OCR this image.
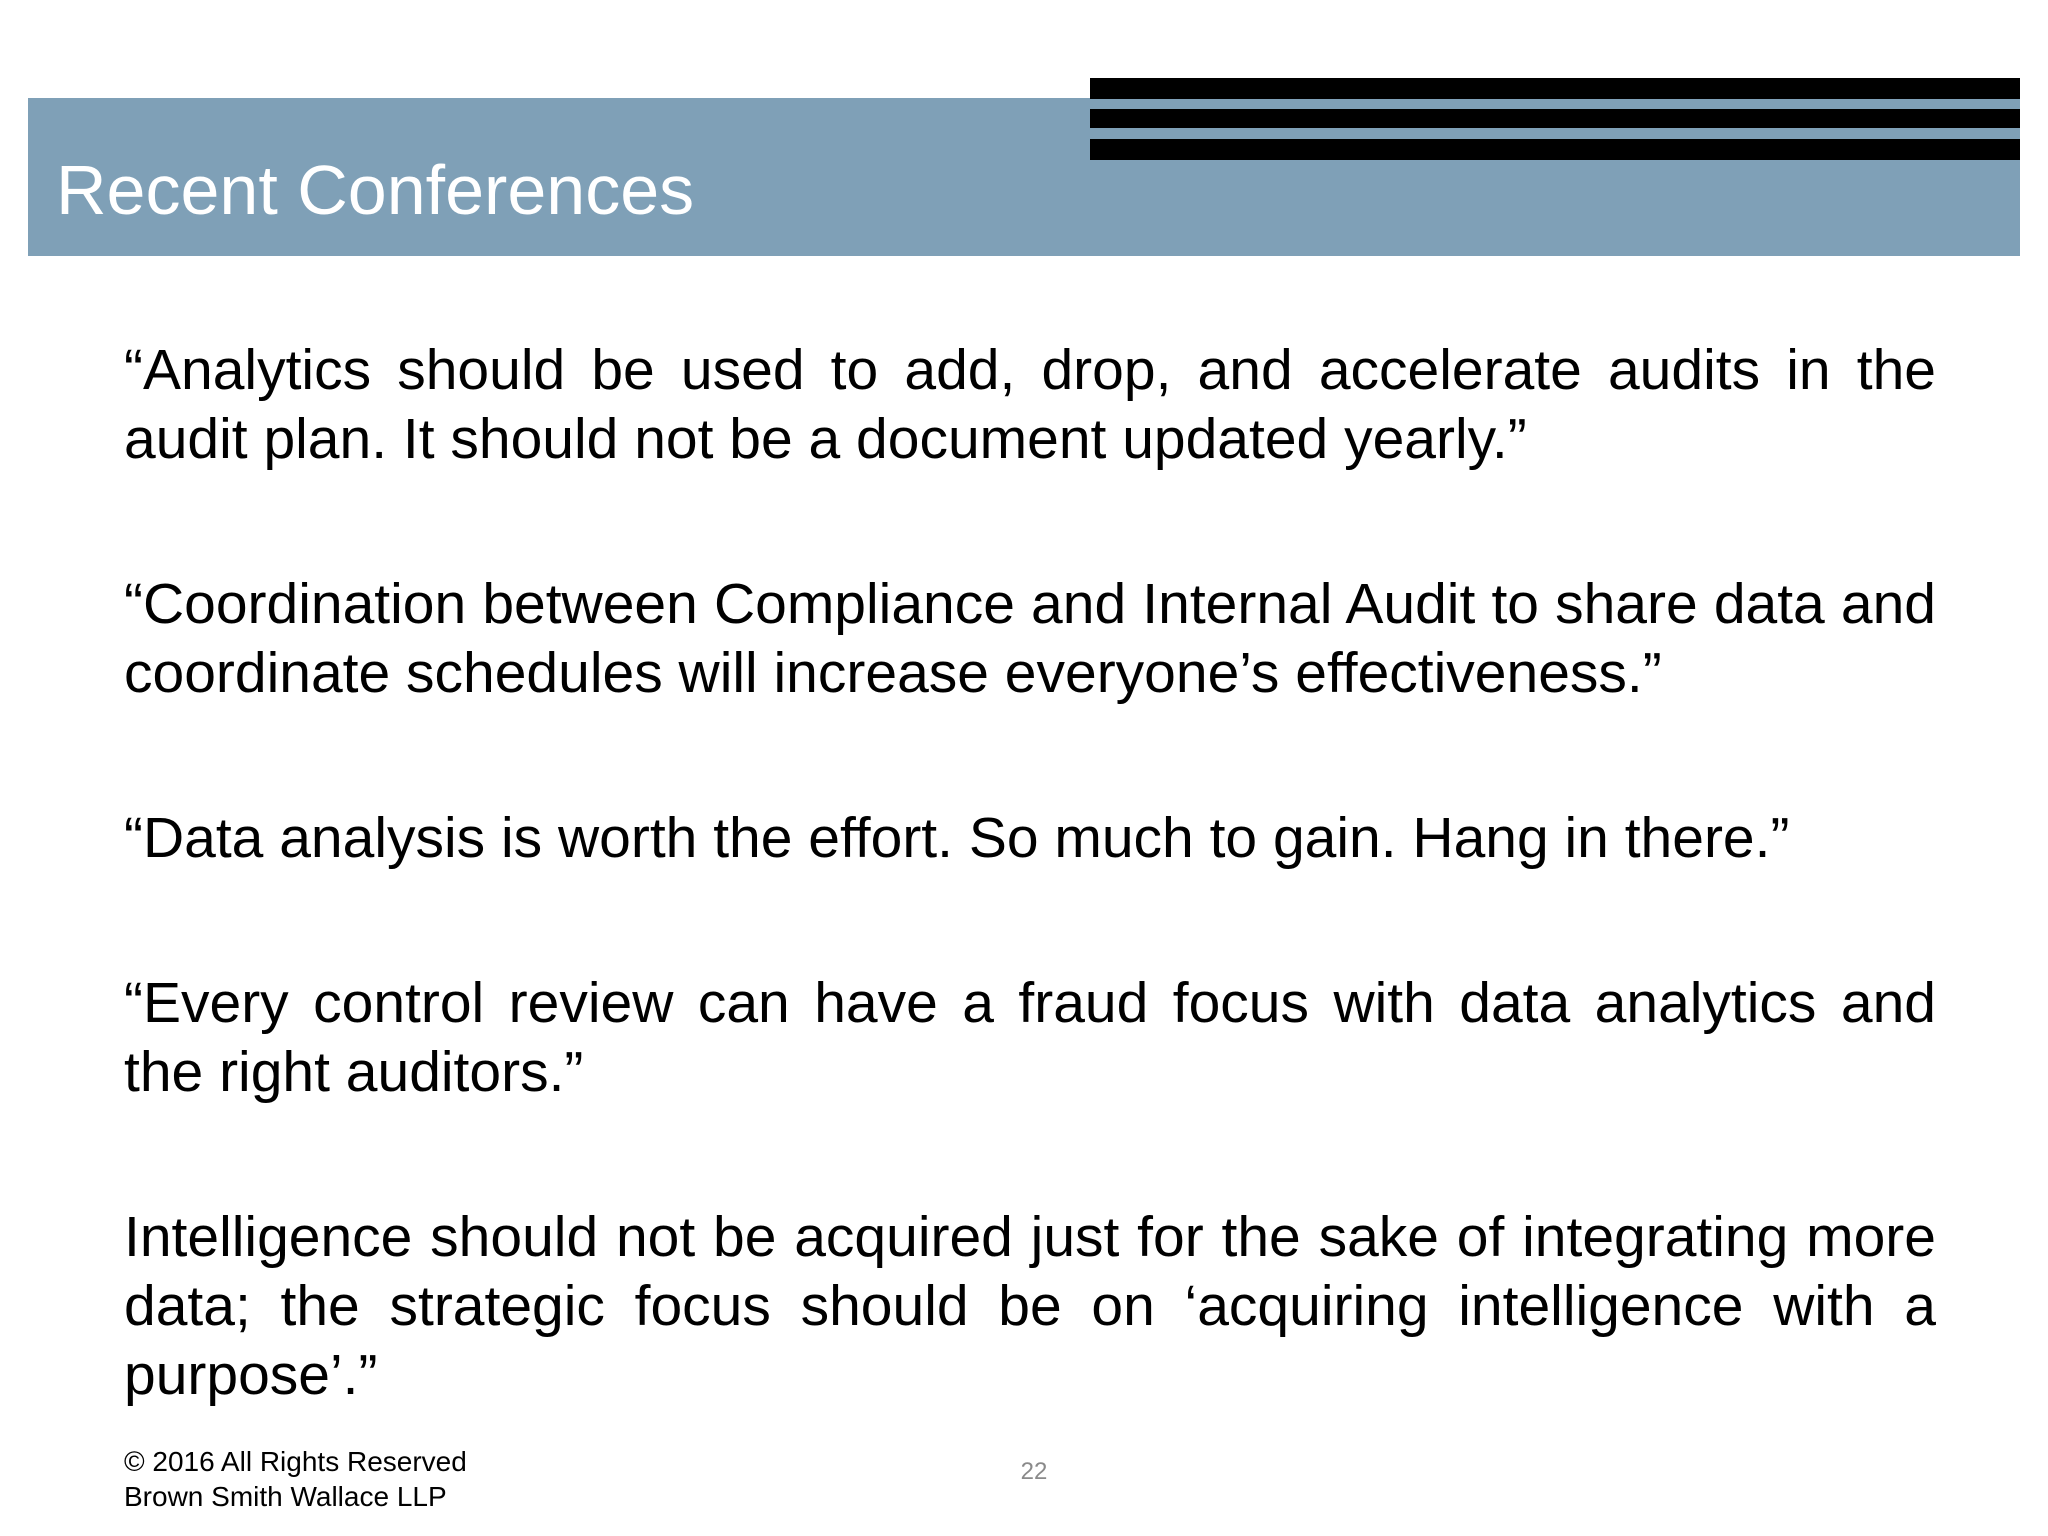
Recent Conferences

“Analytics should be used to add, drop, and accelerate audits in the audit plan. It should not be a document updated yearly.”

“Coordination between Compliance and Internal Audit to share data and coordinate schedules will increase everyone’s effectiveness.”

“Data analysis is worth the effort. So much to gain. Hang in there.”

“Every control review can have a fraud focus with data analytics and the right auditors.”

Intelligence should not be acquired just for the sake of integrating more data; the strategic focus should be on ‘acquiring intelligence with a purpose’.”

© 2016 All Rights Reserved
Brown Smith Wallace LLP
22
